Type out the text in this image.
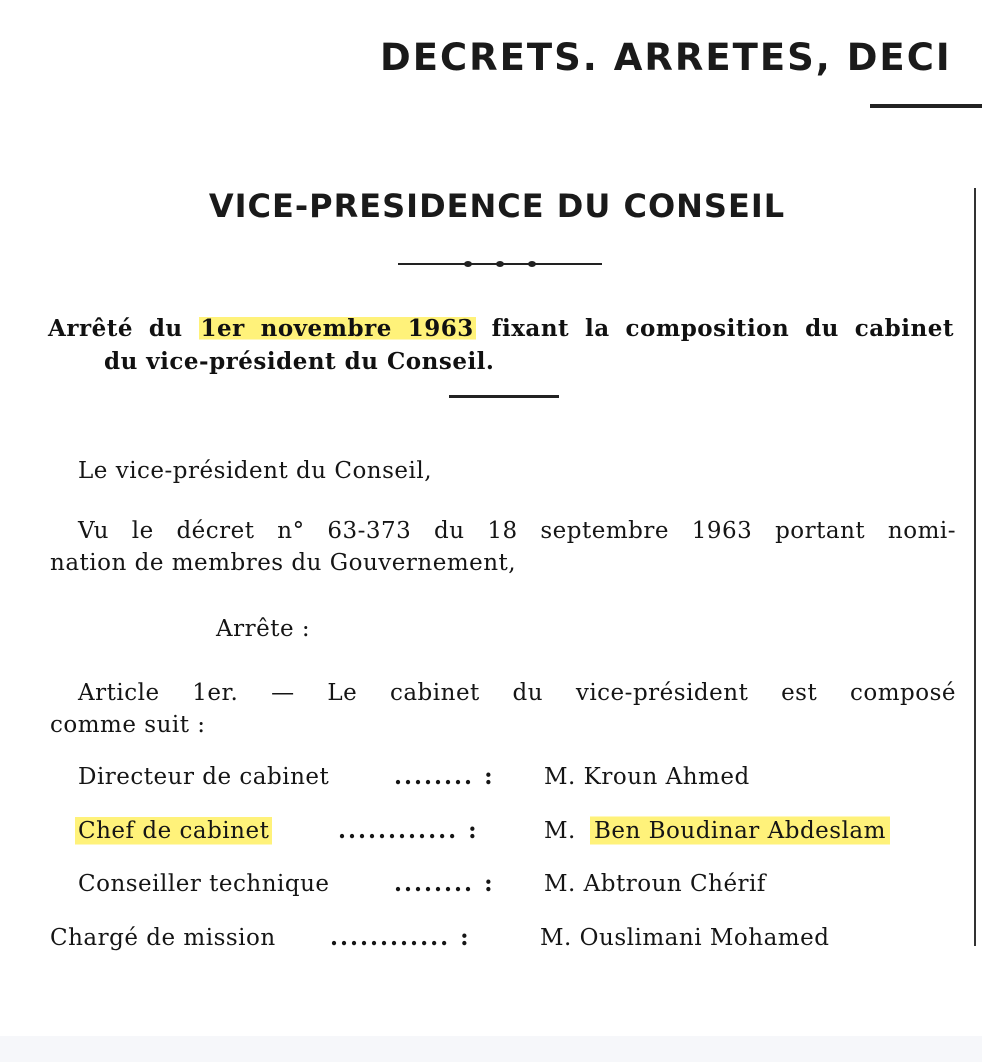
DECRETS. ARRETES, DECI
VICE-PRESIDENCE DU CONSEIL
Arrêté du 1er novembre 1963 fixant la composition du cabinet
du vice-président du Conseil.
Le vice-président du Conseil,
Vu le décret n° 63-373 du 18 septembre 1963 portant nomi-
nation de membres du Gouvernement,
Arrête :
Article 1er. — Le cabinet du vice-président est composé
comme suit :
Directeur de cabinet	........ : M. Kroun Ahmed
Chef de cabinet	............ :	M. Ben Boudinar Abdeslam
Conseiller technique	........ : M. Abtroun Chérif
Chargé de mission ............ :	M. Ouslimani Mohamed
